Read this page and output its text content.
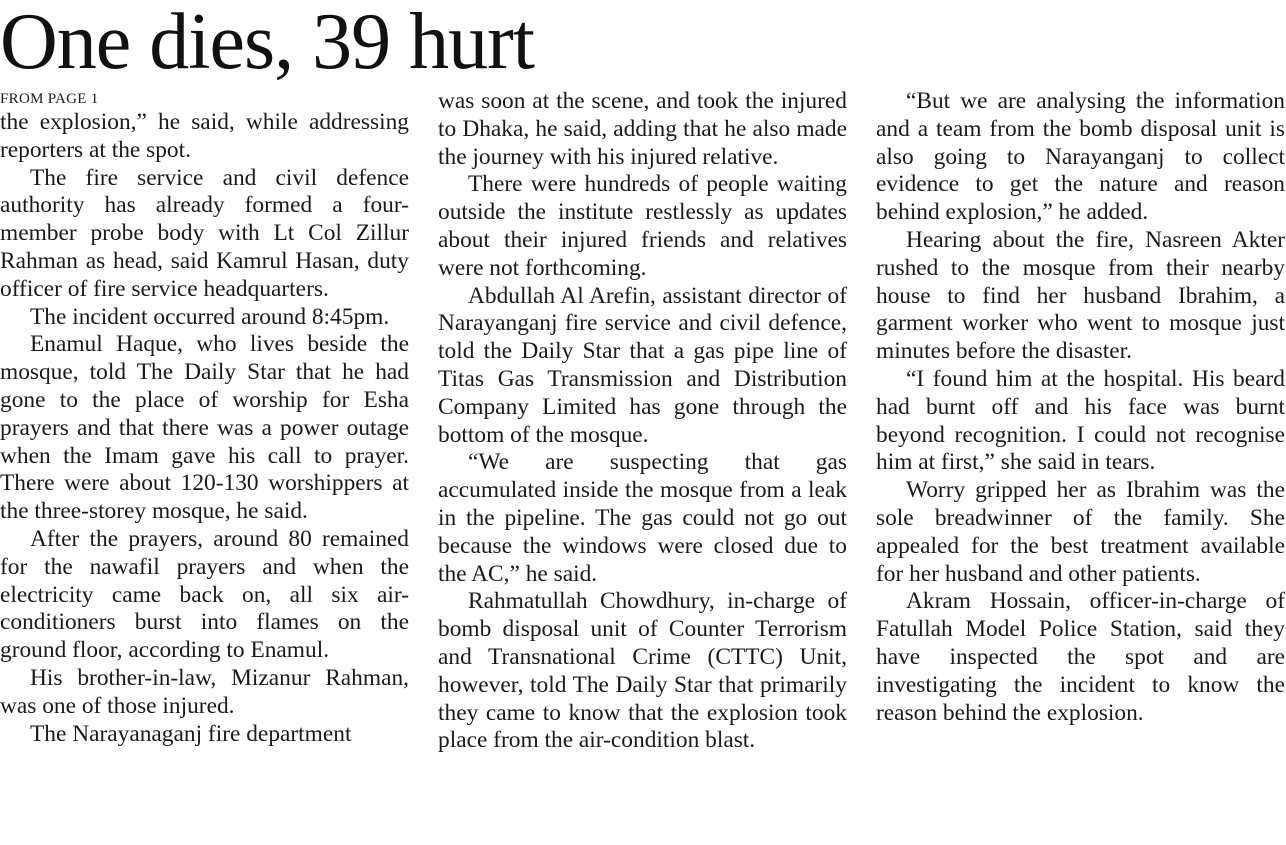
One dies, 39 hurt

FROM PAGE 1

the explosion,” he said, while addressing reporters at the spot.

The fire service and civil defence authority has already formed a four-member probe body with Lt Col Zillur Rahman as head, said Kamrul Hasan, duty officer of fire service headquarters.

The incident occurred around 8:45pm.

Enamul Haque, who lives beside the mosque, told The Daily Star that he had gone to the place of worship for Esha prayers and that there was a power outage when the Imam gave his call to prayer. There were about 120-130 worshippers at the three-storey mosque, he said.

After the prayers, around 80 remained for the nawafil prayers and when the electricity came back on, all six air-conditioners burst into flames on the ground floor, according to Enamul.

His brother-in-law, Mizanur Rahman, was one of those injured.

The Narayanaganj fire department

was soon at the scene, and took the injured to Dhaka, he said, adding that he also made the journey with his injured relative.

There were hundreds of people waiting outside the institute restlessly as updates about their injured friends and relatives were not forthcoming.

Abdullah Al Arefin, assistant director of Narayanganj fire service and civil defence, told the Daily Star that a gas pipe line of Titas Gas Transmission and Distribution Company Limited has gone through the bottom of the mosque.

“We are suspecting that gas accumulated inside the mosque from a leak in the pipeline. The gas could not go out because the windows were closed due to the AC,” he said.

Rahmatullah Chowdhury, in-charge of bomb disposal unit of Counter Terrorism and Transnational Crime (CTTC) Unit, however, told The Daily Star that primarily they came to know that the explosion took place from the air-condition blast.

“But we are analysing the information and a team from the bomb disposal unit is also going to Narayanganj to collect evidence to get the nature and reason behind explosion,” he added.

Hearing about the fire, Nasreen Akter rushed to the mosque from their nearby house to find her husband Ibrahim, a garment worker who went to mosque just minutes before the disaster.

“I found him at the hospital. His beard had burnt off and his face was burnt beyond recognition. I could not recognise him at first,” she said in tears.

Worry gripped her as Ibrahim was the sole breadwinner of the family. She appealed for the best treatment available for her husband and other patients.

Akram Hossain, officer-in-charge of Fatullah Model Police Station, said they have inspected the spot and are investigating the incident to know the reason behind the explosion.
